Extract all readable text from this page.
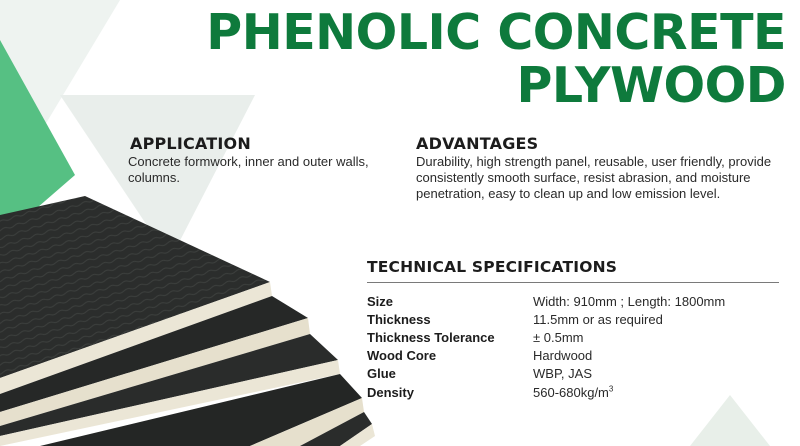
PHENOLIC CONCRETE
PLYWOOD
APPLICATION

Concrete formwork, inner and outer walls, columns.

ADVANTAGES

Durability, high strength panel, reusable, user friendly, provide consistently smooth surface, resist abrasion, and moisture penetration, easy to clean up and low emission level.

TECHNICAL SPECIFICATIONS
Size	Width: 910mm ; Length: 1800mm
Thickness	11.5mm or as required
Thickness Tolerance	± 0.5mm
Wood Core	Hardwood
Glue	WBP, JAS
Density	$560-680kg/m^3$
